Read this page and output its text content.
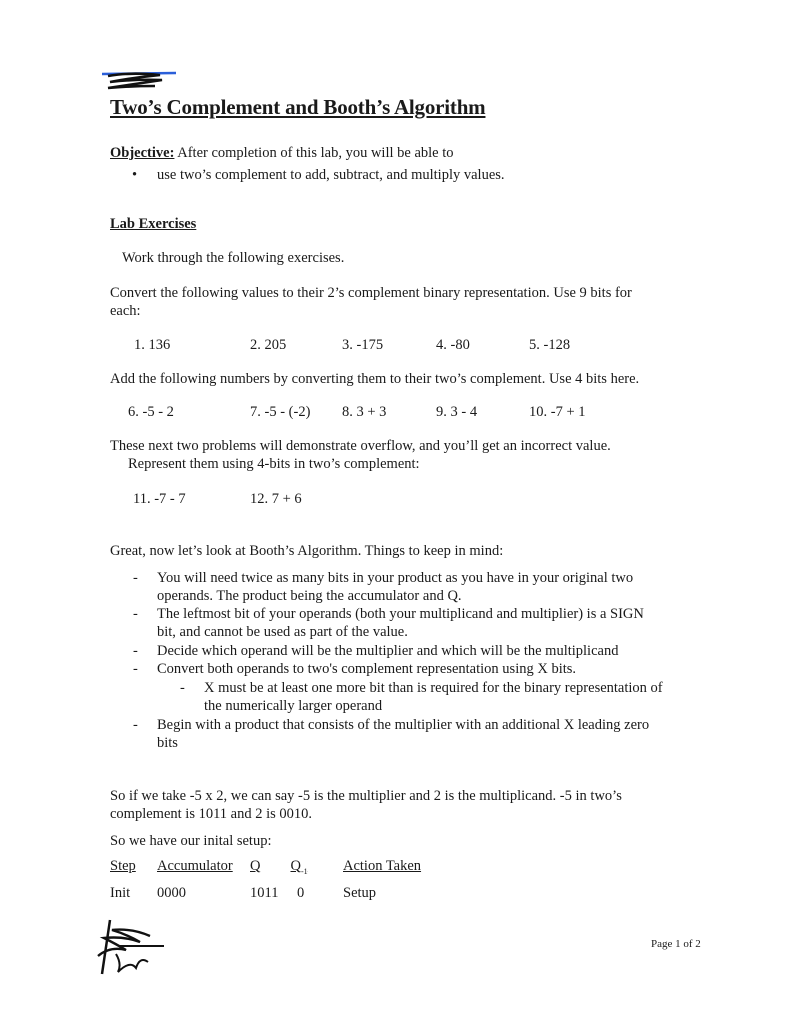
Two’s Complement and Booth’s Algorithm
Objective: After completion of this lab, you will be able to
• use two’s complement to add, subtract, and multiply values.
Lab Exercises
Work through the following exercises.
Convert the following values to their 2’s complement binary representation. Use 9 bits for
each:
1. 136	2. 205	3. -175	4. -80	5. -128
Add the following numbers by converting them to their two’s complement. Use 4 bits here.
6. -5 - 2	7. -5 - (-2) 8. 3 + 3	9. 3 - 4	10. -7 + 1
These next two problems will demonstrate overflow, and you’ll get an incorrect value.
Represent them using 4-bits in two’s complement:
11. -7 - 7	12. 7 + 6
Great, now let’s look at Booth’s Algorithm. Things to keep in mind:
- You will need twice as many bits in your product as you have in your original two
operands. The product being the accumulator and Q.
- The leftmost bit of your operands (both your multiplicand and multiplier) is a SIGN
bit, and cannot be used as part of the value.
- Decide which operand will be the multiplier and which will be the multiplicand
- Convert both operands to two's complement representation using X bits.
- X must be at least one more bit than is required for the binary representation of
the numerically larger operand
- Begin with a product that consists of the multiplier with an additional X leading zero
bits
So if we take -5 x 2, we can say -5 is the multiplier and 2 is the multiplicand. -5 in two’s
complement is 1011 and 2 is 0010.
So we have our inital setup:
Step Accumulator Q $Q_{-1}$	Action Taken
Init 0000	1011 0	Setup
Page 1 of 2
